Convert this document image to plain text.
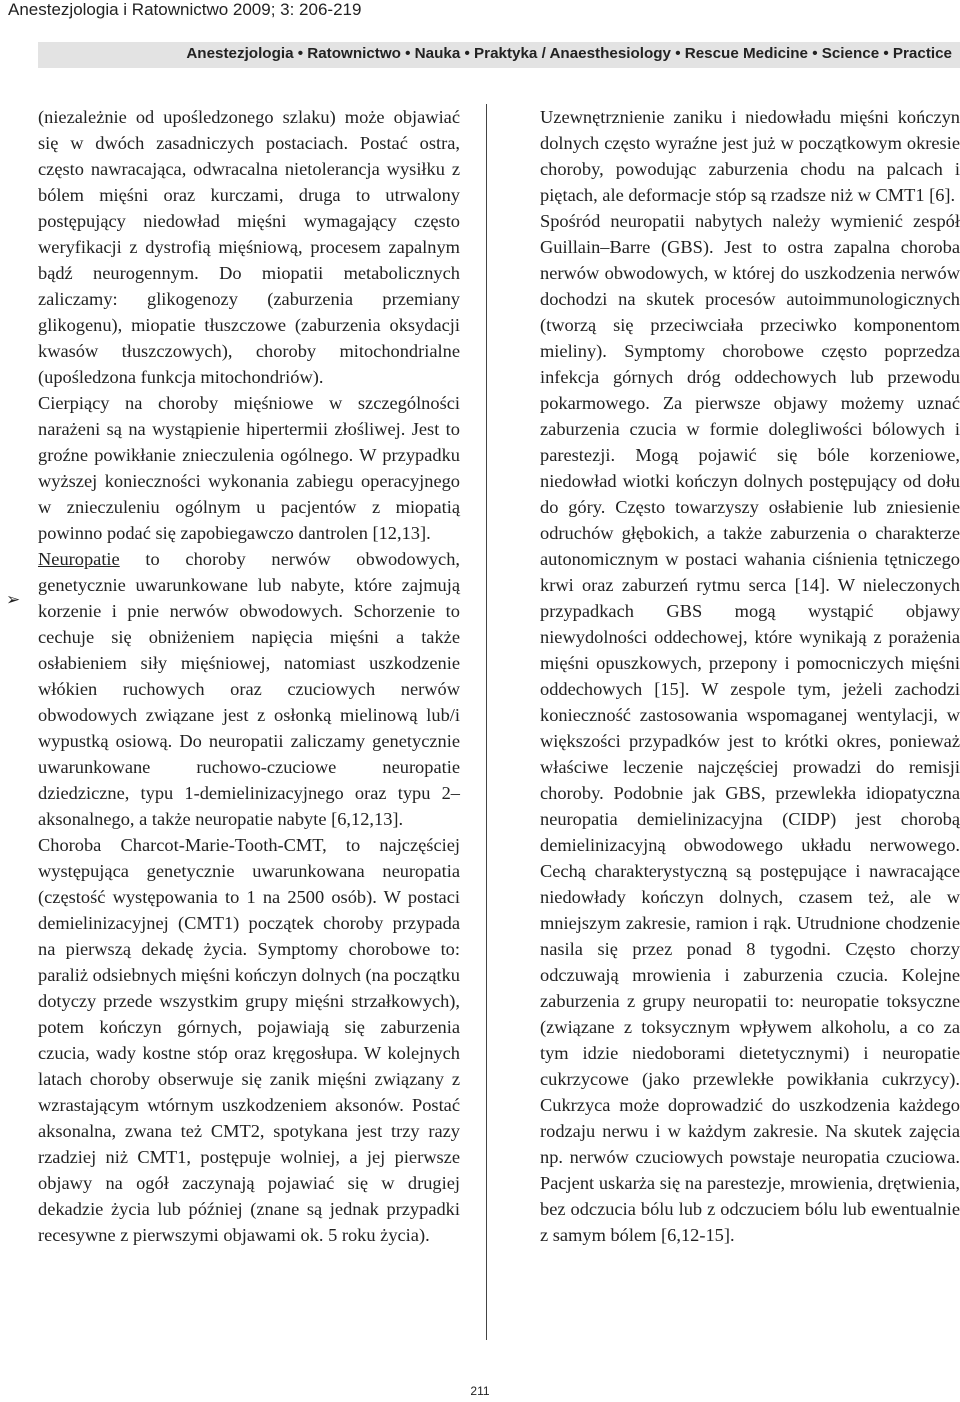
Anestezjologia i Ratownictwo 2009; 3: 206-219
Anestezjologia • Ratownictwo • Nauka • Praktyka / Anaesthesiology • Rescue Medicine • Science • Practice

(niezależnie od upośledzonego szlaku) może objawiać się w dwóch zasadniczych postaciach. Postać ostra, często nawracająca, odwracalna nietolerancja wysiłku z bólem mięśni oraz kurczami, druga to utrwalony postępujący niedowład mięśni wymagający często weryfikacji z dystrofią mięśniową, procesem zapalnym bądź neurogennym. Do miopatii metabolicznych zaliczamy: glikogenozy (zaburzenia przemiany glikogenu), miopatie tłuszczowe (zaburzenia oksydacji kwasów tłuszczowych), choroby mitochondrialne (upośledzona funkcja mitochondriów).

Cierpiący na choroby mięśniowe w szczególności narażeni są na wystąpienie hipertermii złośliwej. Jest to groźne powikłanie znieczulenia ogólnego. W przypadku wyższej konieczności wykonania zabiegu operacyjnego w znieczuleniu ogólnym u pacjentów z miopatią powinno podać się zapobiegawczo dantrolen [12,13].

Neuropatie to choroby nerwów obwodowych, genetycznie uwarunkowane lub nabyte, które zajmują korzenie i pnie nerwów obwodowych. Schorzenie to cechuje się obniżeniem napięcia mięśni a także osłabieniem siły mięśniowej, natomiast uszkodzenie włókien ruchowych oraz czuciowych nerwów obwodowych związane jest z osłonką mielinową lub/i wypustką osiową. Do neuropatii zaliczamy genetycznie uwarunkowane ruchowo-czuciowe neuropatie dziedziczne, typu 1-demielinizacyjnego oraz typu 2–aksonalnego, a także neuropatie nabyte [6,12,13].

Choroba Charcot-Marie-Tooth-CMT, to najczęściej występująca genetycznie uwarunkowana neuropatia (częstość występowania to 1 na 2500 osób). W postaci demielinizacyjnej (CMT1) początek choroby przypada na pierwszą dekadę życia. Symptomy chorobowe to: paraliż odsiebnych mięśni kończyn dolnych (na początku dotyczy przede wszystkim grupy mięśni strzałkowych), potem kończyn górnych, pojawiają się zaburzenia czucia, wady kostne stóp oraz kręgosłupa. W kolejnych latach choroby obserwuje się zanik mięśni związany z wzrastającym wtórnym uszkodzeniem aksonów. Postać aksonalna, zwana też CMT2, spotykana jest trzy razy rzadziej niż CMT1, postępuje wolniej, a jej pierwsze objawy na ogół zaczynają pojawiać się w drugiej dekadzie życia lub później (znane są jednak przypadki recesywne z pierwszymi objawami ok. 5 roku życia).

➢

Uzewnętrznienie zaniku i niedowładu mięśni kończyn dolnych często wyraźne jest już w początkowym okresie choroby, powodując zaburzenia chodu na palcach i piętach, ale deformacje stóp są rzadsze niż w CMT1 [6].

Spośród neuropatii nabytych należy wymienić zespół Guillain–Barre (GBS). Jest to ostra zapalna choroba nerwów obwodowych, w której do uszkodzenia nerwów dochodzi na skutek procesów autoimmunologicznych (tworzą się przeciwciała przeciwko komponentom mieliny). Symptomy chorobowe często poprzedza infekcja górnych dróg oddechowych lub przewodu pokarmowego. Za pierwsze objawy możemy uznać zaburzenia czucia w formie dolegliwości bólowych i parestezji. Mogą pojawić się bóle korzeniowe, niedowład wiotki kończyn dolnych postępujący od dołu do góry. Często towarzyszy osłabienie lub zniesienie odruchów głębokich, a także zaburzenia o charakterze autonomicznym w postaci wahania ciśnienia tętniczego krwi oraz zaburzeń rytmu serca [14]. W nieleczonych przypadkach GBS mogą wystąpić objawy niewydolności oddechowej, które wynikają z porażenia mięśni opuszkowych, przepony i pomocniczych mięśni oddechowych [15]. W zespole tym, jeżeli zachodzi konieczność zastosowania wspomaganej wentylacji, w większości przypadków jest to krótki okres, ponieważ właściwe leczenie najczęściej prowadzi do remisji choroby. Podobnie jak GBS, przewlekła idiopatyczna neuropatia demielinizacyjna (CIDP) jest chorobą demielinizacyjną obwodowego układu nerwowego. Cechą charakterystyczną są postępujące i nawracające niedowłady kończyn dolnych, czasem też, ale w mniejszym zakresie, ramion i rąk. Utrudnione chodzenie nasila się przez ponad 8 tygodni. Często chorzy odczuwają mrowienia i zaburzenia czucia. Kolejne zaburzenia z grupy neuropatii to: neuropatie toksyczne (związane z toksycznym wpływem alkoholu, a co za tym idzie niedoborami dietetycznymi) i neuropatie cukrzycowe (jako przewlekłe powikłania cukrzycy). Cukrzyca może doprowadzić do uszkodzenia każdego rodzaju nerwu i w każdym zakresie. Na skutek zajęcia np. nerwów czuciowych powstaje neuropatia czuciowa. Pacjent uskarża się na parestezje, mrowienia, drętwienia, bez odczucia bólu lub z odczuciem bólu lub ewentualnie z samym bólem [6,12-15].

211
